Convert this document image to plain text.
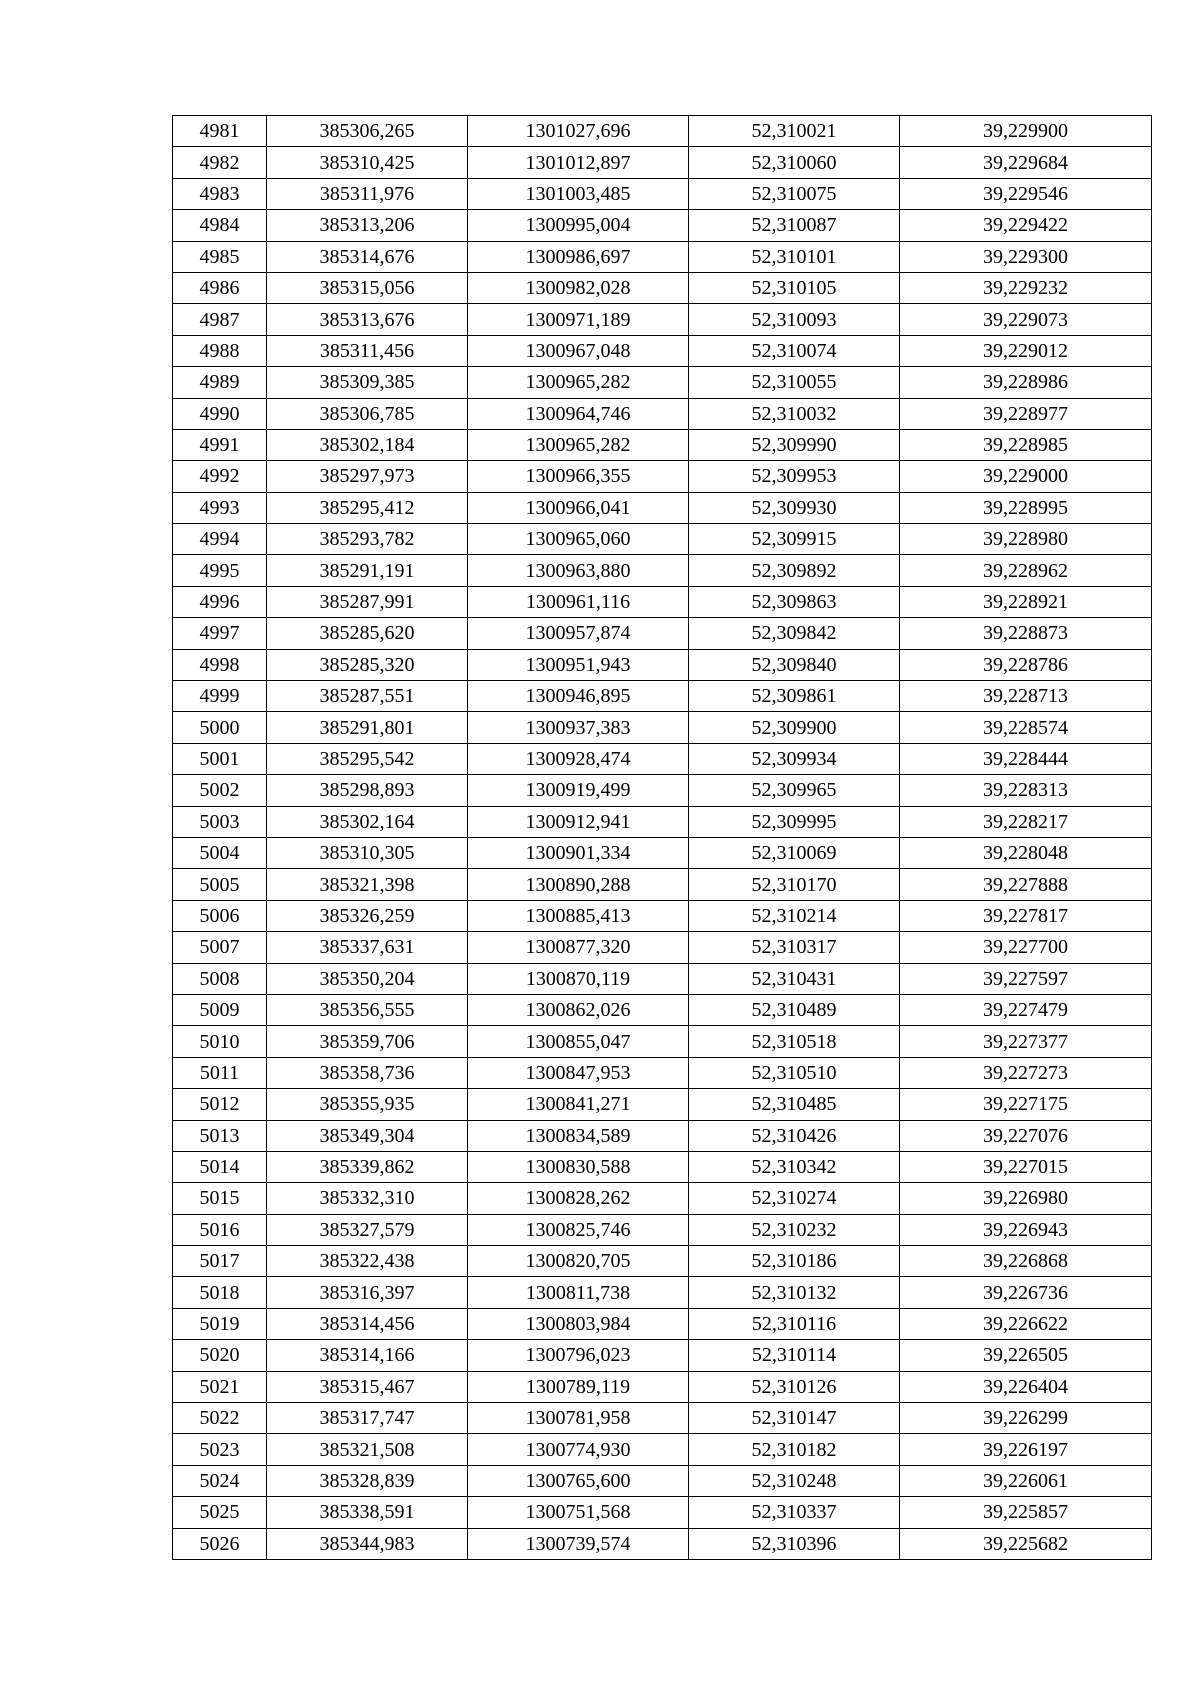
4981	385306,265	1301027,696	52,310021	39,229900
4982	385310,425	1301012,897	52,310060	39,229684
4983	385311,976	1301003,485	52,310075	39,229546
4984	385313,206	1300995,004	52,310087	39,229422
4985	385314,676	1300986,697	52,310101	39,229300
4986	385315,056	1300982,028	52,310105	39,229232
4987	385313,676	1300971,189	52,310093	39,229073
4988	385311,456	1300967,048	52,310074	39,229012
4989	385309,385	1300965,282	52,310055	39,228986
4990	385306,785	1300964,746	52,310032	39,228977
4991	385302,184	1300965,282	52,309990	39,228985
4992	385297,973	1300966,355	52,309953	39,229000
4993	385295,412	1300966,041	52,309930	39,228995
4994	385293,782	1300965,060	52,309915	39,228980
4995	385291,191	1300963,880	52,309892	39,228962
4996	385287,991	1300961,116	52,309863	39,228921
4997	385285,620	1300957,874	52,309842	39,228873
4998	385285,320	1300951,943	52,309840	39,228786
4999	385287,551	1300946,895	52,309861	39,228713
5000	385291,801	1300937,383	52,309900	39,228574
5001	385295,542	1300928,474	52,309934	39,228444
5002	385298,893	1300919,499	52,309965	39,228313
5003	385302,164	1300912,941	52,309995	39,228217
5004	385310,305	1300901,334	52,310069	39,228048
5005	385321,398	1300890,288	52,310170	39,227888
5006	385326,259	1300885,413	52,310214	39,227817
5007	385337,631	1300877,320	52,310317	39,227700
5008	385350,204	1300870,119	52,310431	39,227597
5009	385356,555	1300862,026	52,310489	39,227479
5010	385359,706	1300855,047	52,310518	39,227377
5011	385358,736	1300847,953	52,310510	39,227273
5012	385355,935	1300841,271	52,310485	39,227175
5013	385349,304	1300834,589	52,310426	39,227076
5014	385339,862	1300830,588	52,310342	39,227015
5015	385332,310	1300828,262	52,310274	39,226980
5016	385327,579	1300825,746	52,310232	39,226943
5017	385322,438	1300820,705	52,310186	39,226868
5018	385316,397	1300811,738	52,310132	39,226736
5019	385314,456	1300803,984	52,310116	39,226622
5020	385314,166	1300796,023	52,310114	39,226505
5021	385315,467	1300789,119	52,310126	39,226404
5022	385317,747	1300781,958	52,310147	39,226299
5023	385321,508	1300774,930	52,310182	39,226197
5024	385328,839	1300765,600	52,310248	39,226061
5025	385338,591	1300751,568	52,310337	39,225857
5026	385344,983	1300739,574	52,310396	39,225682
